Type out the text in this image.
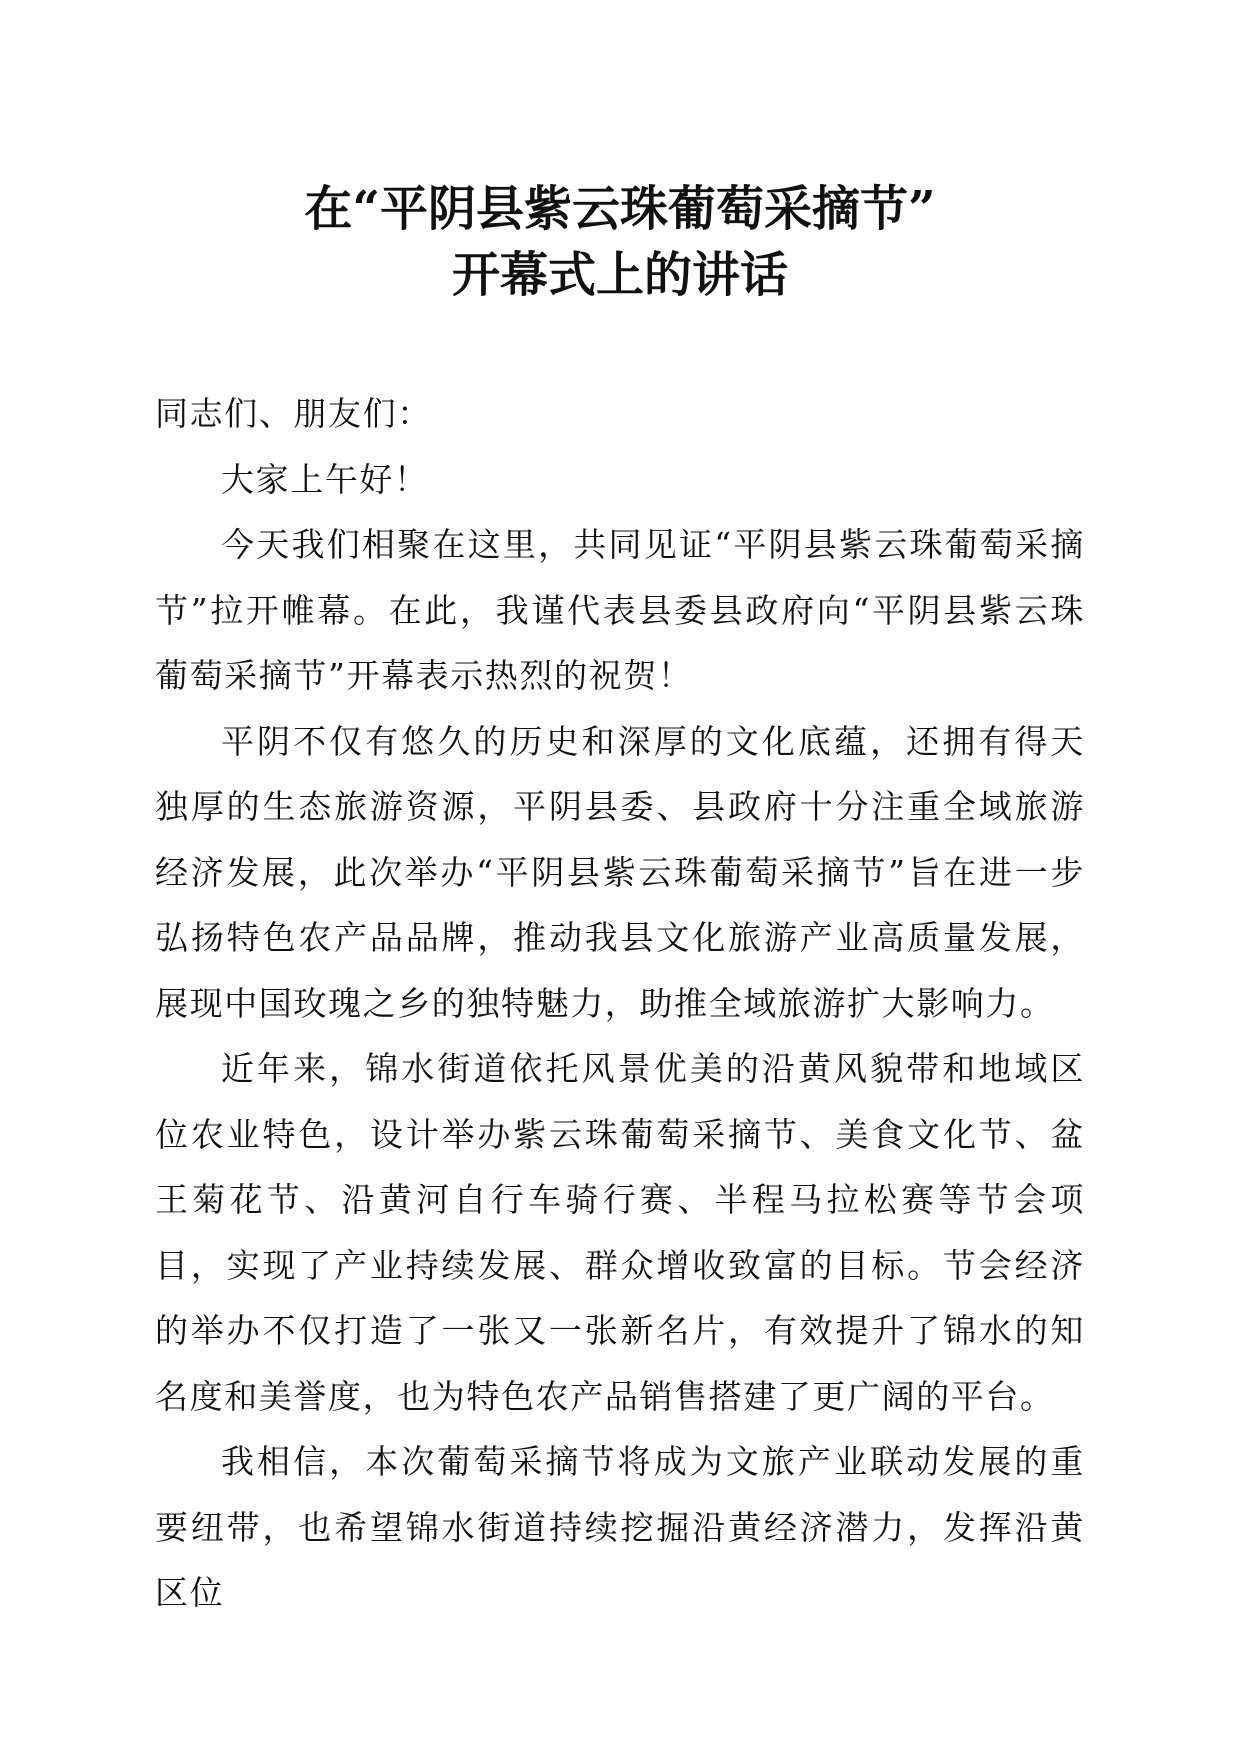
在“平阴县紫云珠葡萄采摘节”
开幕式上的讲话

同志们、朋友们：

大家上午好！

今天我们相聚在这里，共同见证“平阴县紫云珠葡萄采摘节”拉开帷幕。在此，我谨代表县委县政府向“平阴县紫云珠葡萄采摘节”开幕表示热烈的祝贺！

平阴不仅有悠久的历史和深厚的文化底蕴，还拥有得天独厚的生态旅游资源，平阴县委、县政府十分注重全域旅游经济发展，此次举办“平阴县紫云珠葡萄采摘节”旨在进一步弘扬特色农产品品牌，推动我县文化旅游产业高质量发展，展现中国玫瑰之乡的独特魅力，助推全域旅游扩大影响力。

近年来，锦水街道依托风景优美的沿黄风貌带和地域区位农业特色，设计举办紫云珠葡萄采摘节、美食文化节、盆王菊花节、沿黄河自行车骑行赛、半程马拉松赛等节会项目，实现了产业持续发展、群众增收致富的目标。节会经济的举办不仅打造了一张又一张新名片，有效提升了锦水的知名度和美誉度，也为特色农产品销售搭建了更广阔的平台。

我相信，本次葡萄采摘节将成为文旅产业联动发展的重要纽带，也希望锦水街道持续挖掘沿黄经济潜力，发挥沿黄区位
